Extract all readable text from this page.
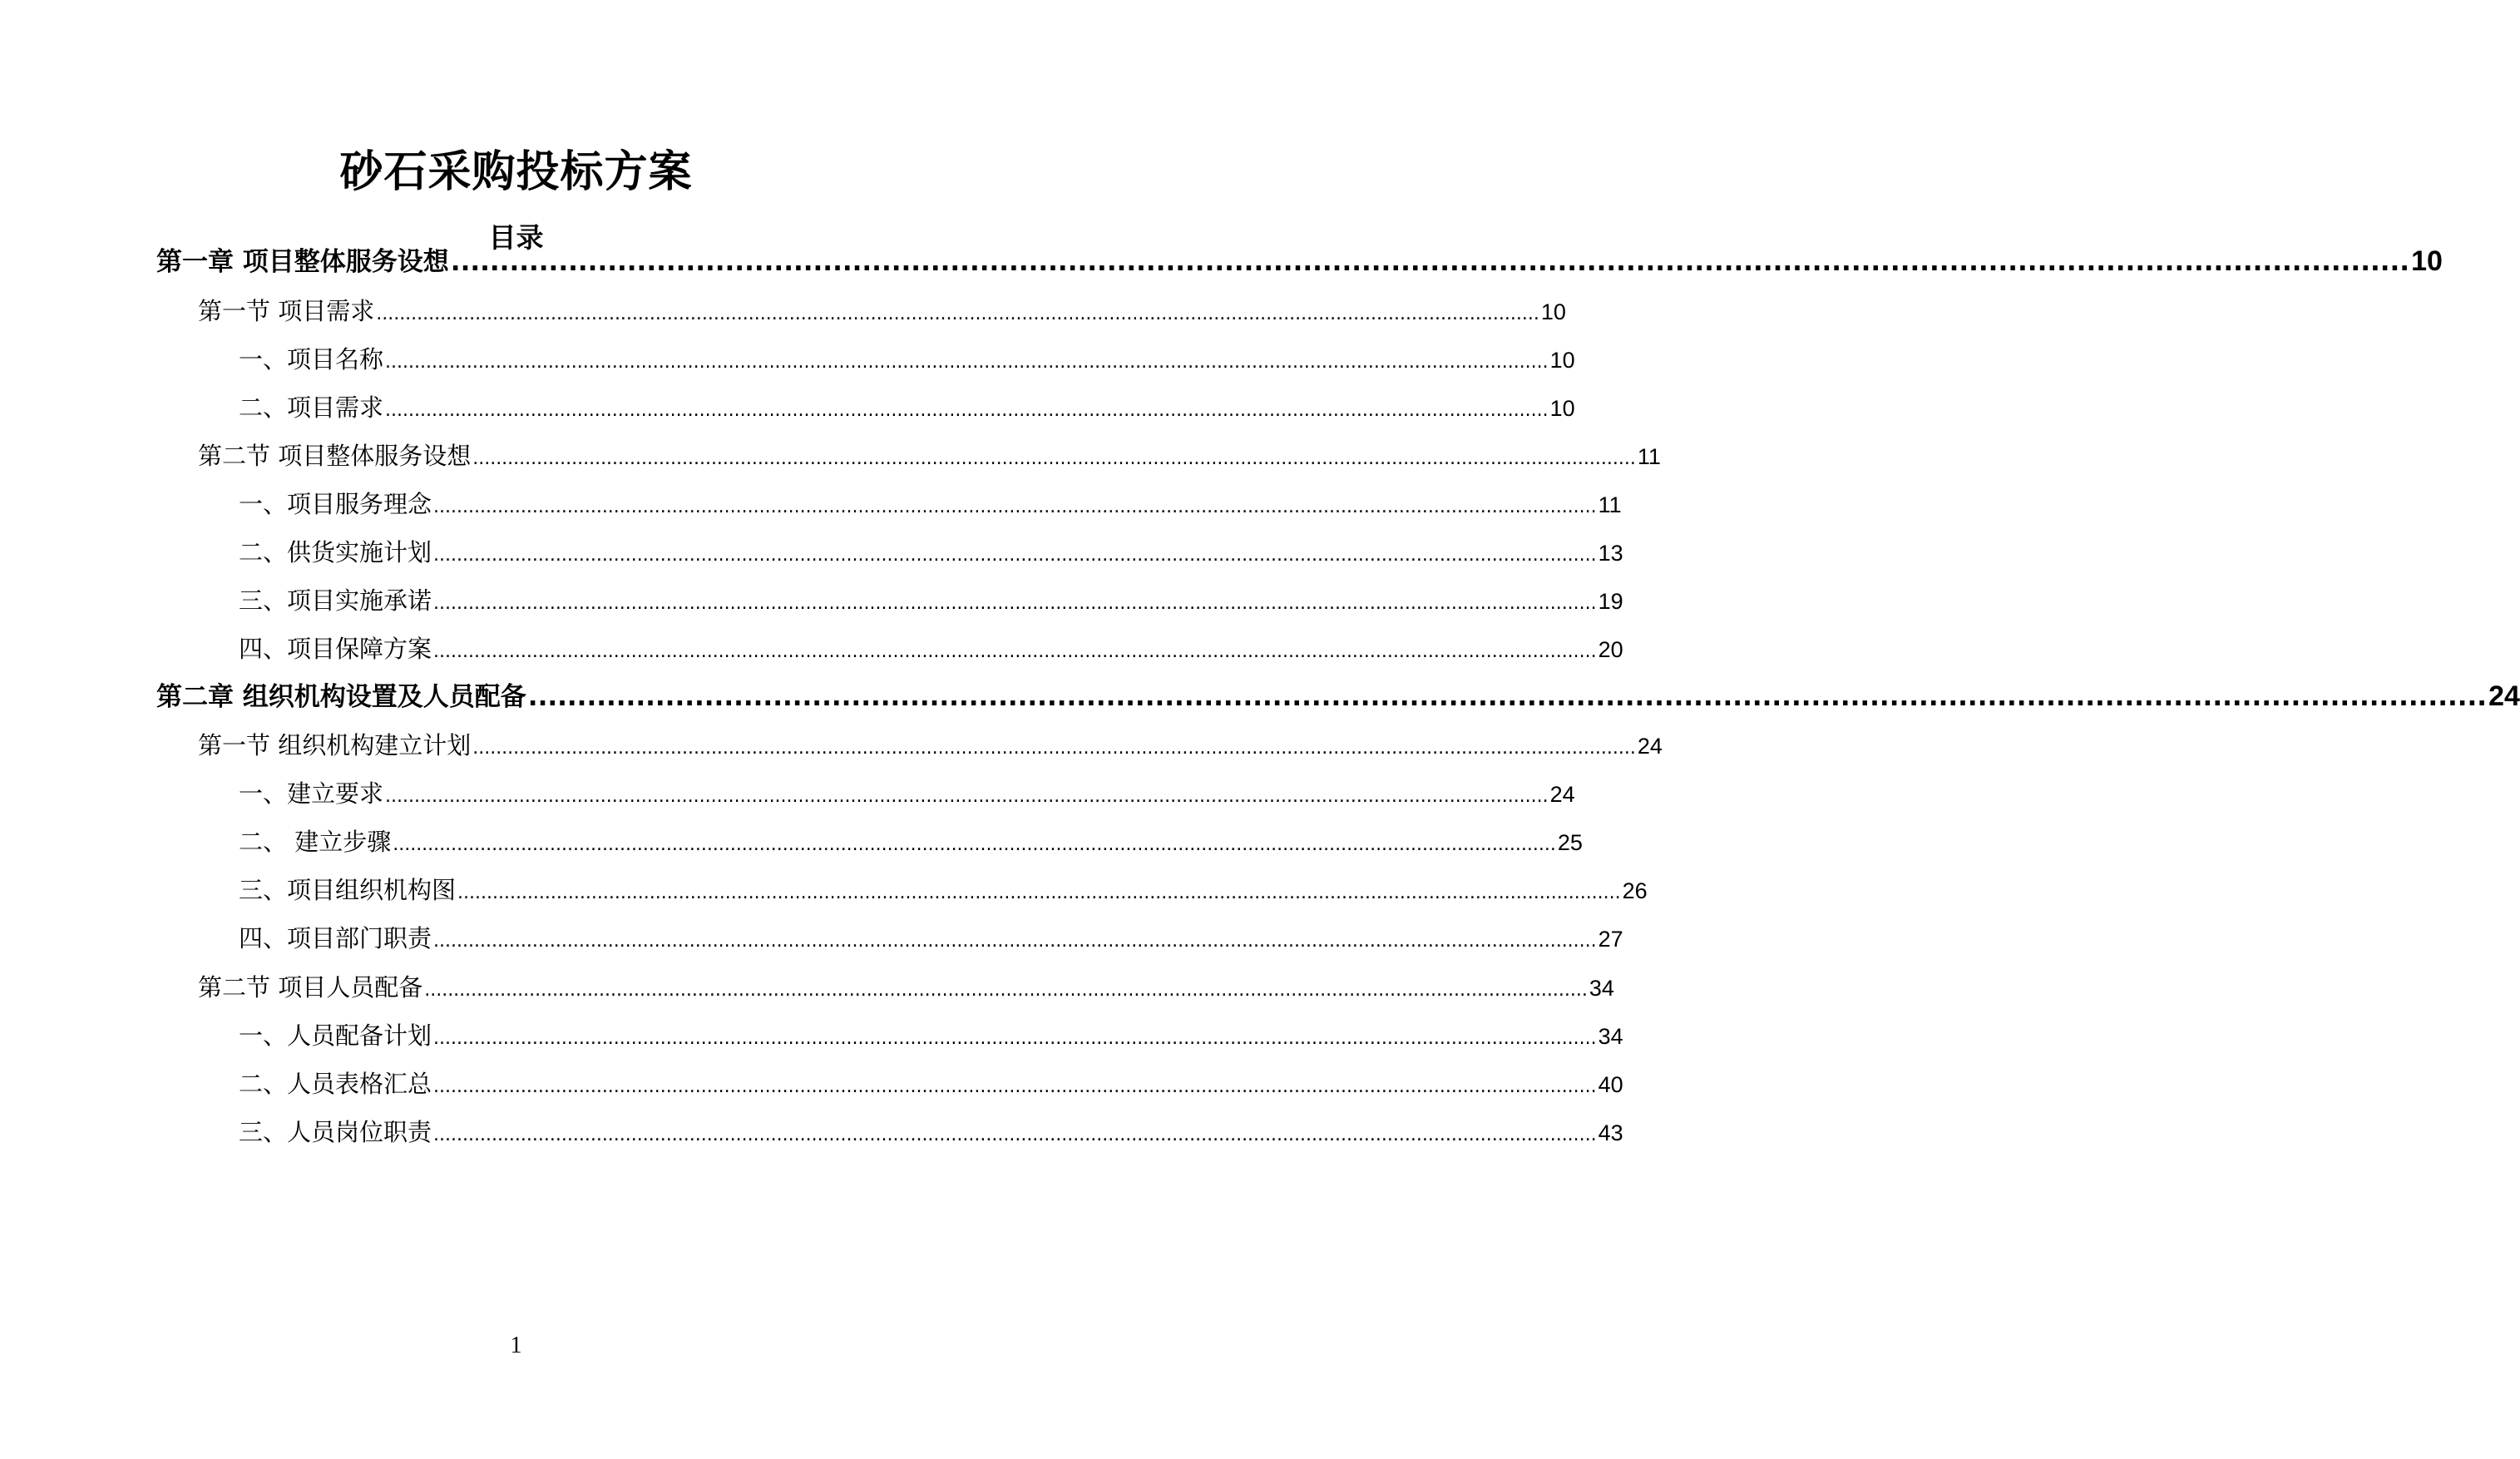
砂石采购投标方案
目录
第一章 项目整体服务设想 ........................................................................................................................................................................................................ 10
第一节 项目需求 ........................................................................................................................................................................................................ 10
一、项目名称 ........................................................................................................................................................................................................ 10
二、项目需求 ........................................................................................................................................................................................................ 10
第二节 项目整体服务设想 ........................................................................................................................................................................................................ 11
一、项目服务理念 ........................................................................................................................................................................................................ 11
二、供货实施计划 ........................................................................................................................................................................................................ 13
三、项目实施承诺 ........................................................................................................................................................................................................ 19
四、项目保障方案 ........................................................................................................................................................................................................ 20
第二章 组织机构设置及人员配备 ........................................................................................................................................................................................................ 24
第一节 组织机构建立计划 ........................................................................................................................................................................................................ 24
一、建立要求 ........................................................................................................................................................................................................ 24
二、 建立步骤 ........................................................................................................................................................................................................ 25
三、项目组织机构图 ........................................................................................................................................................................................................ 26
四、项目部门职责 ........................................................................................................................................................................................................ 27
第二节 项目人员配备 ........................................................................................................................................................................................................ 34
一、人员配备计划 ........................................................................................................................................................................................................ 34
二、人员表格汇总 ........................................................................................................................................................................................................ 40
三、人员岗位职责 ........................................................................................................................................................................................................ 43
1
